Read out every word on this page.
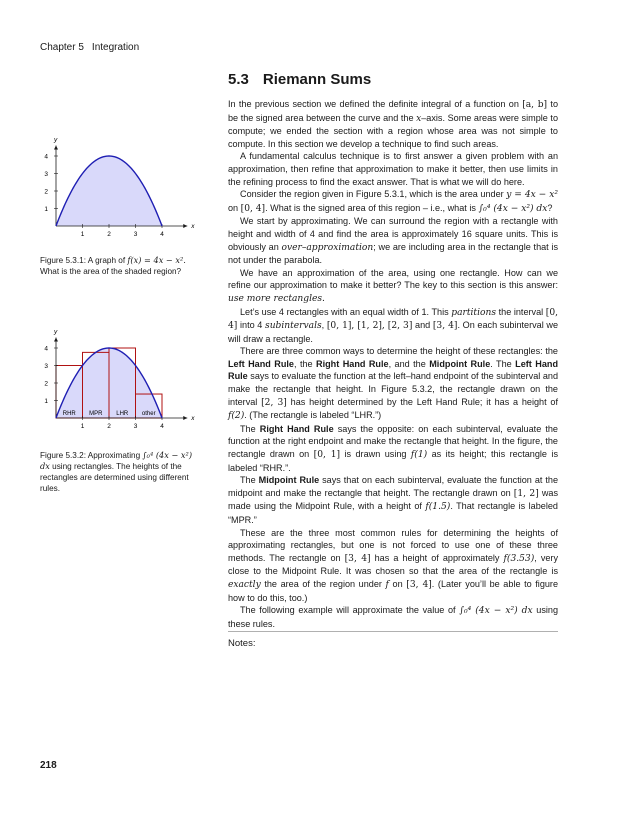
Chapter 5 Integration
5.3 Riemann Sums
x
y
1	2	3	4
1
2
3
4
Figure 5.3.1: A graph of f(x) = 4x − x². What is the area of the shaded region?
RHR MPR LHR other
x
y
1	2	3	4
1
2
3
4
Figure 5.3.2: Approximating ∫₀⁴ (4x − x²) dx using rectangles. The heights of the rectangles are determined using different rules.

In the previous section we defined the definite integral of a function on [a, b] to be the signed area between the curve and the x–axis. Some areas were simple to compute; we ended the section with a region whose area was not simple to compute. In this section we develop a technique to find such areas.

A fundamental calculus technique is to first answer a given problem with an approximation, then refine that approximation to make it better, then use limits in the refining process to find the exact answer. That is what we will do here.

Consider the region given in Figure 5.3.1, which is the area under y = 4x − x² on [0, 4]. What is the signed area of this region – i.e., what is ∫₀⁴ (4x − x²) dx?

We start by approximating. We can surround the region with a rectangle with height and width of 4 and find the area is approximately 16 square units. This is obviously an over–approximation; we are including area in the rectangle that is not under the parabola.

We have an approximation of the area, using one rectangle. How can we refine our approximation to make it better? The key to this section is this answer: use more rectangles.

Let’s use 4 rectangles with an equal width of 1. This partitions the interval [0, 4] into 4 subintervals, [0, 1], [1, 2], [2, 3] and [3, 4]. On each subinterval we will draw a rectangle.

There are three common ways to determine the height of these rectangles: the Left Hand Rule, the Right Hand Rule, and the Midpoint Rule. The Left Hand Rule says to evaluate the function at the left–hand endpoint of the subinterval and make the rectangle that height. In Figure 5.3.2, the rectangle drawn on the interval [2, 3] has height determined by the Left Hand Rule; it has a height of f(2). (The rectangle is labeled “LHR.”)

The Right Hand Rule says the opposite: on each subinterval, evaluate the function at the right endpoint and make the rectangle that height. In the figure, the rectangle drawn on [0, 1] is drawn using f(1) as its height; this rectangle is labeled “RHR.”.

The Midpoint Rule says that on each subinterval, evaluate the function at the midpoint and make the rectangle that height. The rectangle drawn on [1, 2] was made using the Midpoint Rule, with a height of f(1.5). That rectangle is labeled “MPR.”

These are the three most common rules for determining the heights of approximating rectangles, but one is not forced to use one of these three methods. The rectangle on [3, 4] has a height of approximately f(3.53), very close to the Midpoint Rule. It was chosen so that the area of the rectangle is exactly the area of the region under f on [3, 4]. (Later you’ll be able to figure how to do this, too.)

The following example will approximate the value of ∫₀⁴ (4x − x²) dx using these rules.

Notes:
218
